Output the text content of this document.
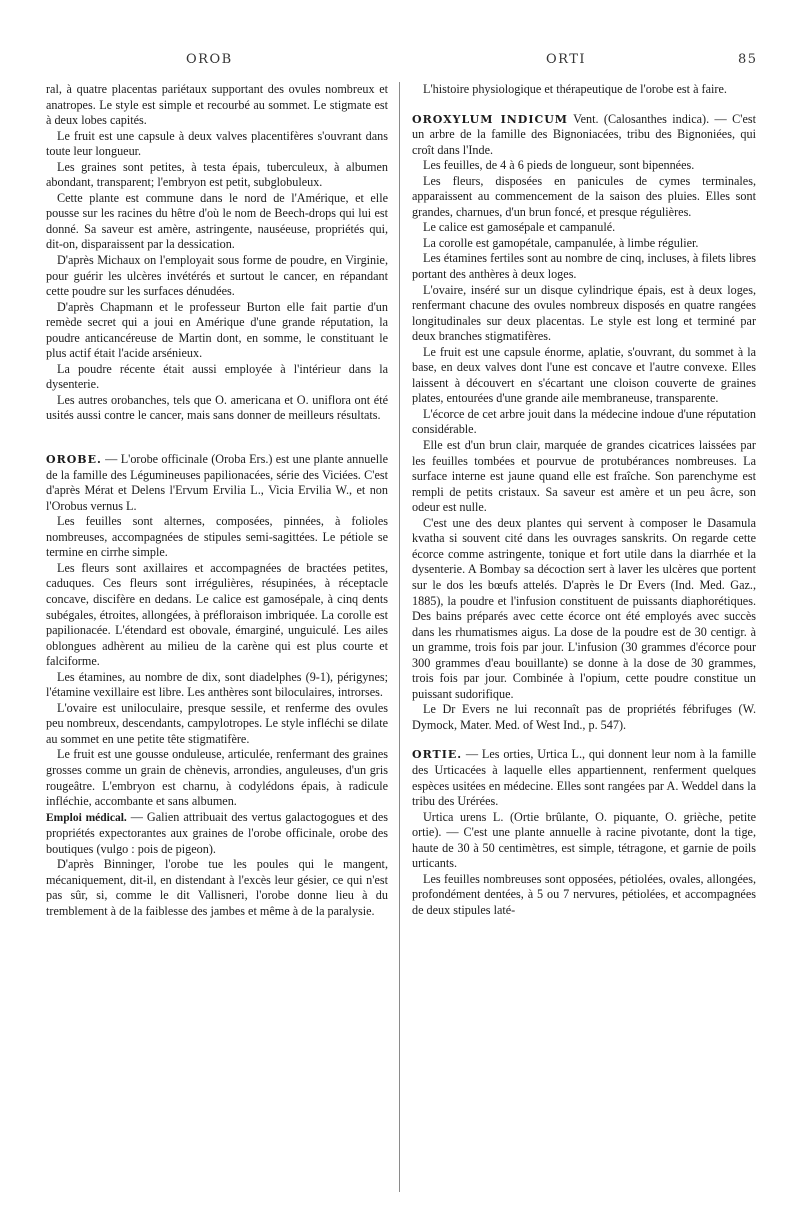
OROB	ORTI	85

ral, à quatre placentas pariétaux supportant des ovules nombreux et anatropes. Le style est simple et recourbé au sommet. Le stigmate est à deux lobes capités.

Le fruit est une capsule à deux valves placentifères s'ouvrant dans toute leur longueur.

Les graines sont petites, à testa épais, tuberculeux, à albumen abondant, transparent; l'embryon est petit, subglobuleux.

Cette plante est commune dans le nord de l'Amérique, et elle pousse sur les racines du hêtre d'où le nom de Beech-drops qui lui est donné. Sa saveur est amère, astringente, nauséeuse, propriétés qui, dit-on, disparaissent par la dessication.

D'après Michaux on l'employait sous forme de poudre, en Virginie, pour guérir les ulcères invétérés et surtout le cancer, en répandant cette poudre sur les surfaces dénudées.

D'après Chapmann et le professeur Burton elle fait partie d'un remède secret qui a joui en Amérique d'une grande réputation, la poudre anticancéreuse de Martin dont, en somme, le constituant le plus actif était l'acide arsénieux.

La poudre récente était aussi employée à l'intérieur dans la dysenterie.

Les autres orobanches, tels que O. americana et O. uniflora ont été usités aussi contre le cancer, mais sans donner de meilleurs résultats.

OROBE. — L'orobe officinale (Oroba Ers.) est une plante annuelle de la famille des Légumineuses papilionacées, série des Viciées. C'est d'après Mérat et Delens l'Ervum Ervilia L., Vicia Ervilia W., et non l'Orobus vernus L.

Les feuilles sont alternes, composées, pinnées, à folioles nombreuses, accompagnées de stipules semi-sagittées. Le pétiole se termine en cirrhe simple.

Les fleurs sont axillaires et accompagnées de bractées petites, caduques. Ces fleurs sont irrégulières, résupinées, à réceptacle concave, discifère en dedans. Le calice est gamosépale, à cinq dents subégales, étroites, allongées, à préfloraison imbriquée. La corolle est papilionacée. L'étendard est obovale, émarginé, unguiculé. Les ailes oblongues adhèrent au milieu de la carène qui est plus courte et falciforme.

Les étamines, au nombre de dix, sont diadelphes (9-1), périgynes; l'étamine vexillaire est libre. Les anthères sont biloculaires, introrses.

L'ovaire est uniloculaire, presque sessile, et renferme des ovules peu nombreux, descendants, campylotropes. Le style infléchi se dilate au sommet en une petite tête stigmatifère.

Le fruit est une gousse onduleuse, articulée, renfermant des graines grosses comme un grain de chènevis, arrondies, anguleuses, d'un gris rougeâtre. L'embryon est charnu, à codylédons épais, à radicule infléchie, accombante et sans albumen.

Emploi médical. — Galien attribuait des vertus galactogogues et des propriétés expectorantes aux graines de l'orobe officinale, orobe des boutiques (vulgo : pois de pigeon).

D'après Binninger, l'orobe tue les poules qui le mangent, mécaniquement, dit-il, en distendant à l'excès leur gésier, ce qui n'est pas sûr, si, comme le dit Vallisneri, l'orobe donne lieu à du tremblement à de la faiblesse des jambes et même à de la paralysie.

L'histoire physiologique et thérapeutique de l'orobe est à faire.

OROXYLUM INDICUM Vent. (Calosanthes indica). — C'est un arbre de la famille des Bignoniacées, tribu des Bignoniées, qui croît dans l'Inde.

Les feuilles, de 4 à 6 pieds de longueur, sont bipennées.

Les fleurs, disposées en panicules de cymes terminales, apparaissent au commencement de la saison des pluies. Elles sont grandes, charnues, d'un brun foncé, et presque régulières.

Le calice est gamosépale et campanulé.

La corolle est gamopétale, campanulée, à limbe régulier.

Les étamines fertiles sont au nombre de cinq, incluses, à filets libres portant des anthères à deux loges.

L'ovaire, inséré sur un disque cylindrique épais, est à deux loges, renfermant chacune des ovules nombreux disposés en quatre rangées longitudinales sur deux placentas. Le style est long et terminé par deux branches stigmatifères.

Le fruit est une capsule énorme, aplatie, s'ouvrant, du sommet à la base, en deux valves dont l'une est concave et l'autre convexe. Elles laissent à découvert en s'écartant une cloison couverte de graines plates, entourées d'une grande aile membraneuse, transparente.

L'écorce de cet arbre jouit dans la médecine indoue d'une réputation considérable.

Elle est d'un brun clair, marquée de grandes cicatrices laissées par les feuilles tombées et pourvue de protubérances nombreuses. La surface interne est jaune quand elle est fraîche. Son parenchyme est rempli de petits cristaux. Sa saveur est amère et un peu âcre, son odeur est nulle.

C'est une des deux plantes qui servent à composer le Dasamula kvatha si souvent cité dans les ouvrages sanskrits. On regarde cette écorce comme astringente, tonique et fort utile dans la diarrhée et la dysenterie. A Bombay sa décoction sert à laver les ulcères que portent sur le dos les bœufs attelés. D'après le Dr Evers (Ind. Med. Gaz., 1885), la poudre et l'infusion constituent de puissants diaphorétiques. Des bains préparés avec cette écorce ont été employés avec succès dans les rhumatismes aigus. La dose de la poudre est de 30 centigr. à un gramme, trois fois par jour. L'infusion (30 grammes d'écorce pour 300 grammes d'eau bouillante) se donne à la dose de 30 grammes, trois fois par jour. Combinée à l'opium, cette poudre constitue un puissant sudorifique.

Le Dr Evers ne lui reconnaît pas de propriétés fébrifuges (W. Dymock, Mater. Med. of West Ind., p. 547).

ORTIE. — Les orties, Urtica L., qui donnent leur nom à la famille des Urticacées à laquelle elles appartiennent, renferment quelques espèces usitées en médecine. Elles sont rangées par A. Weddel dans la tribu des Urérées.

Urtica urens L. (Ortie brûlante, O. piquante, O. grièche, petite ortie). — C'est une plante annuelle à racine pivotante, dont la tige, haute de 30 à 50 centimètres, est simple, tétragone, et garnie de poils urticants.

Les feuilles nombreuses sont opposées, pétiolées, ovales, allongées, profondément dentées, à 5 ou 7 nervures, pétiolées, et accompagnées de deux stipules laté-
